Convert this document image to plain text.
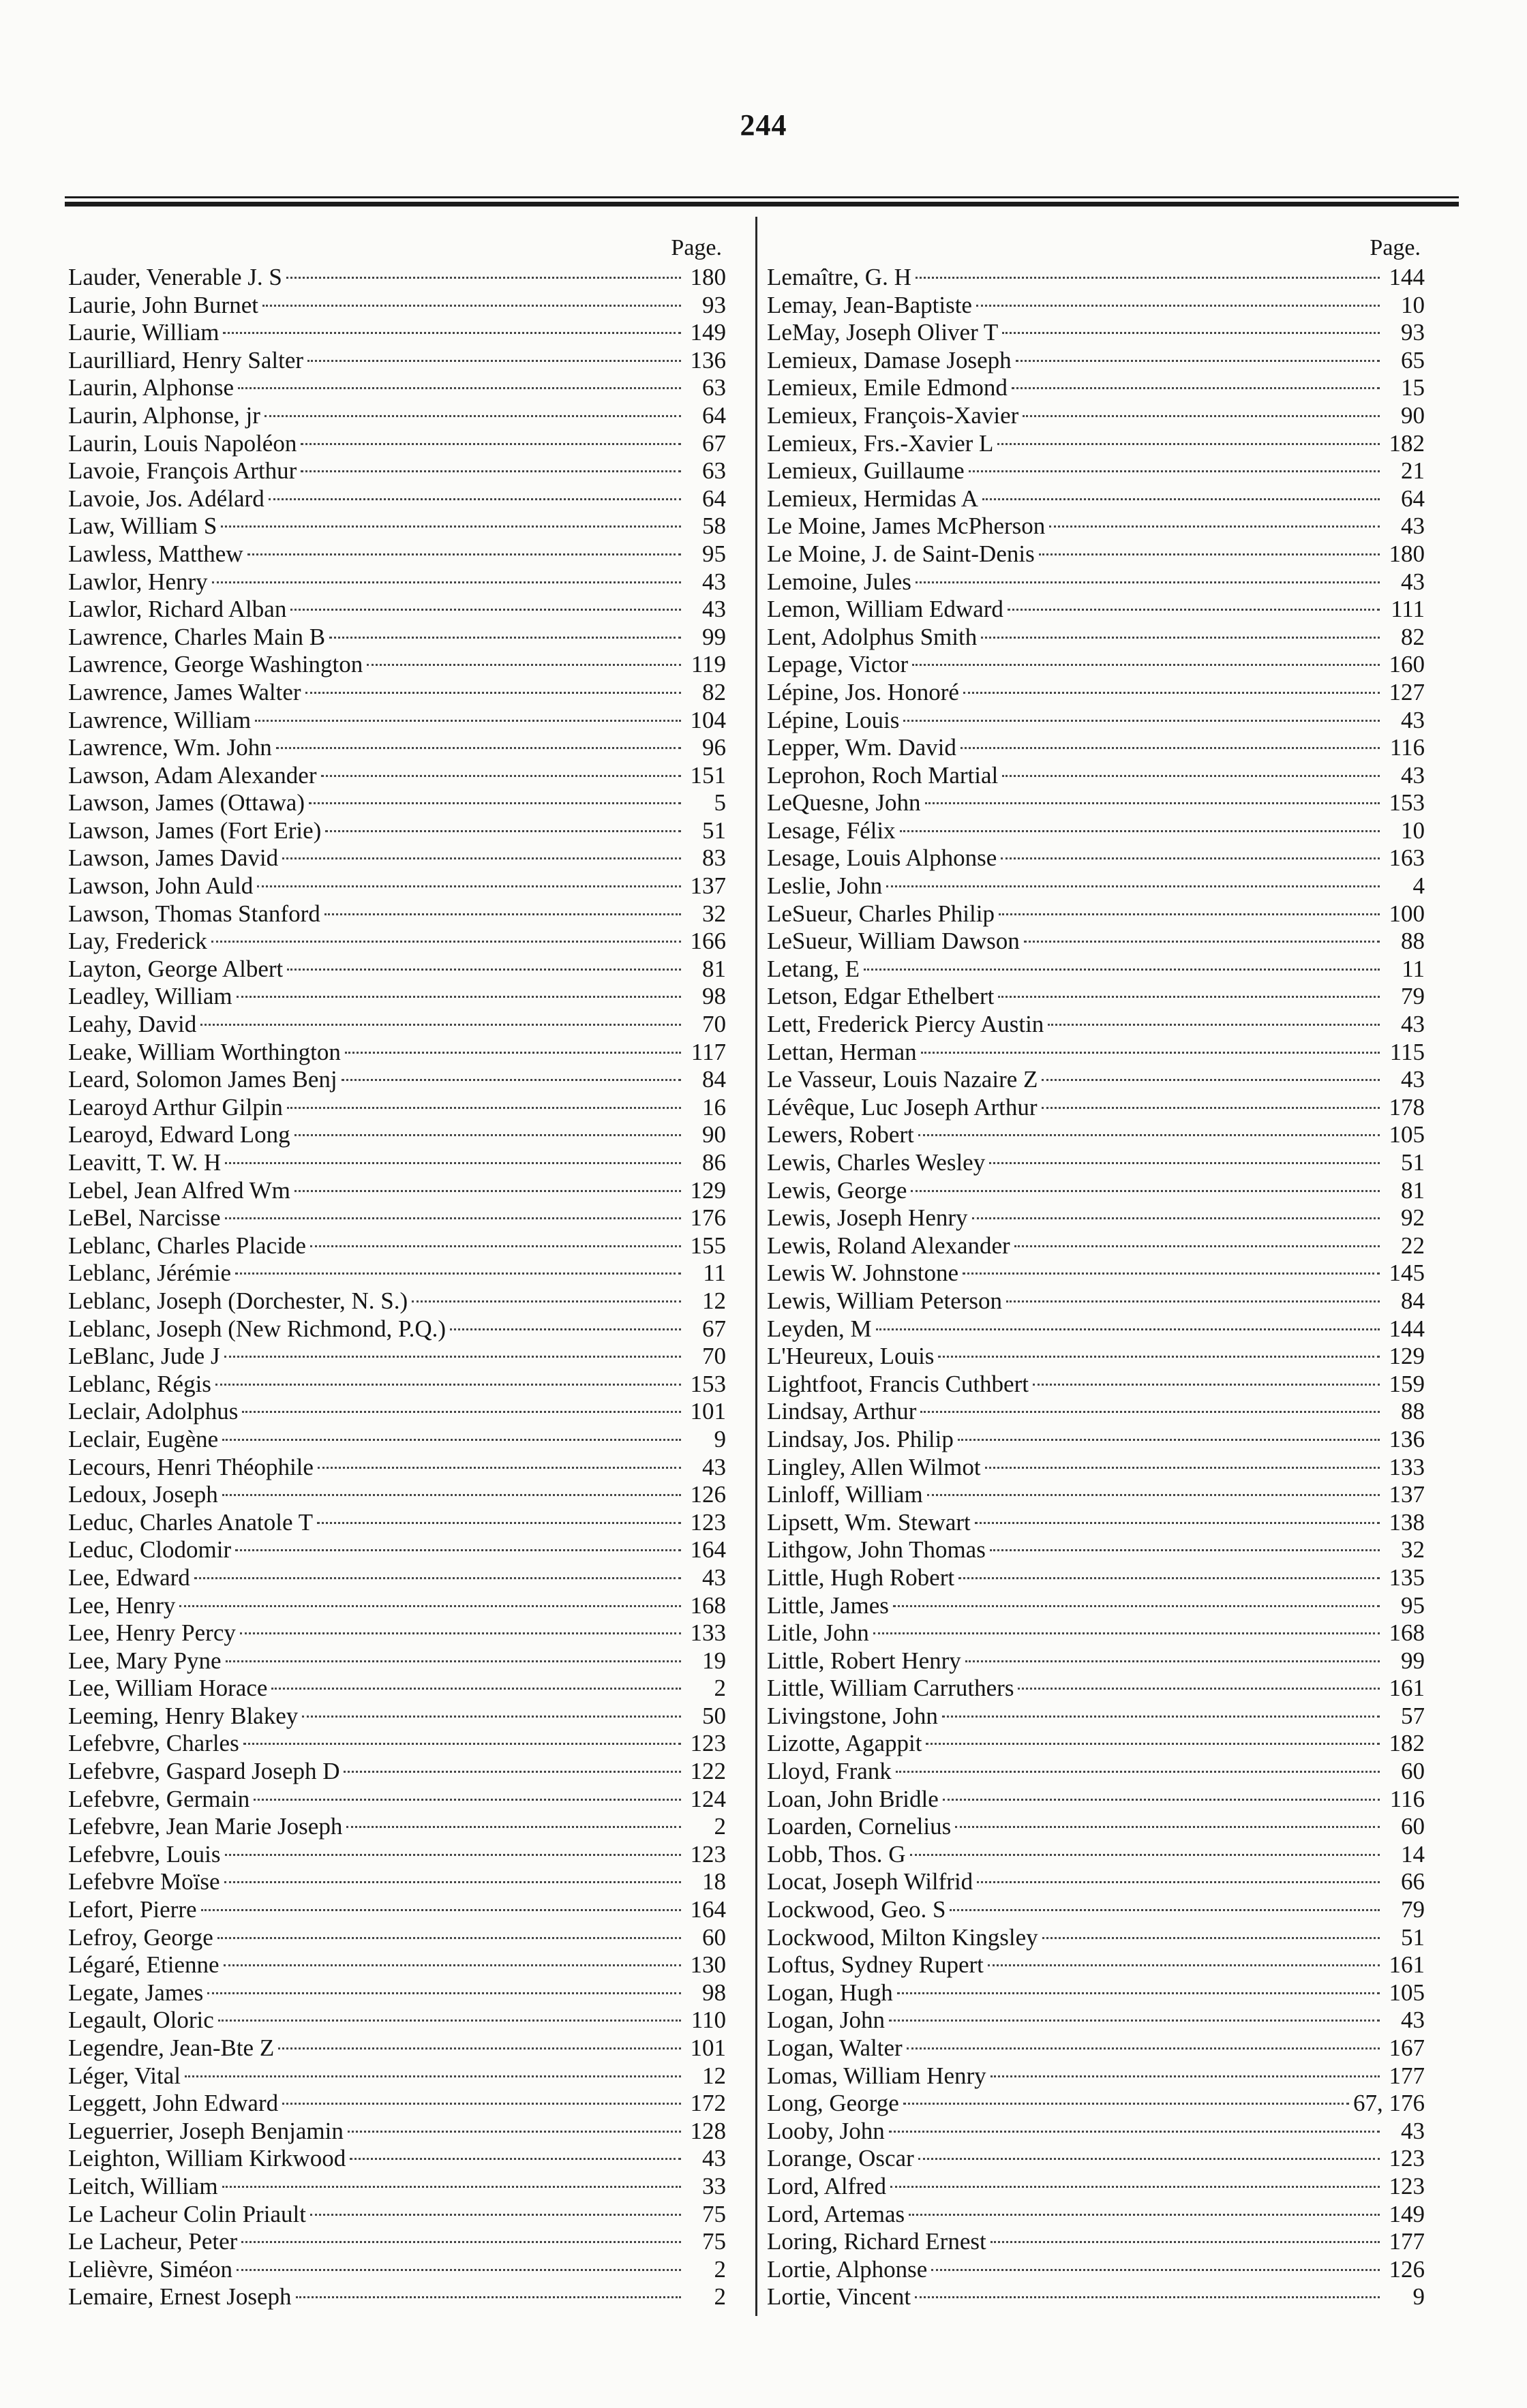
244
Page.
Lauder, Venerable J. S	180
Laurie, John Burnet	93
Laurie, William	149
Laurilliard, Henry Salter	136
Laurin, Alphonse	63
Laurin, Alphonse, jr	64
Laurin, Louis Napoléon	67
Lavoie, François Arthur	63
Lavoie, Jos. Adélard	64
Law, William S	58
Lawless, Matthew	95
Lawlor, Henry	43
Lawlor, Richard Alban	43
Lawrence, Charles Main B	99
Lawrence, George Washington	119
Lawrence, James Walter	82
Lawrence, William	104
Lawrence, Wm. John	96
Lawson, Adam Alexander	151
Lawson, James (Ottawa)	5
Lawson, James (Fort Erie)	51
Lawson, James David	83
Lawson, John Auld	137
Lawson, Thomas Stanford	32
Lay, Frederick	166
Layton, George Albert	81
Leadley, William	98
Leahy, David	70
Leake, William Worthington	117
Leard, Solomon James Benj	84
Learoyd Arthur Gilpin	16
Learoyd, Edward Long	90
Leavitt, T. W. H	86
Lebel, Jean Alfred Wm	129
LeBel, Narcisse	176
Leblanc, Charles Placide	155
Leblanc, Jérémie	11
Leblanc, Joseph (Dorchester, N. S.)	12
Leblanc, Joseph (New Richmond, P.Q.)	67
LeBlanc, Jude J	70
Leblanc, Régis	153
Leclair, Adolphus	101
Leclair, Eugène	9
Lecours, Henri Théophile	43
Ledoux, Joseph	126
Leduc, Charles Anatole T	123
Leduc, Clodomir	164
Lee, Edward	43
Lee, Henry	168
Lee, Henry Percy	133
Lee, Mary Pyne	19
Lee, William Horace	2
Leeming, Henry Blakey	50
Lefebvre, Charles	123
Lefebvre, Gaspard Joseph D	122
Lefebvre, Germain	124
Lefebvre, Jean Marie Joseph	2
Lefebvre, Louis	123
Lefebvre Moïse	18
Lefort, Pierre	164
Lefroy, George	60
Légaré, Etienne	130
Legate, James	98
Legault, Oloric	110
Legendre, Jean-Bte Z	101
Léger, Vital	12
Leggett, John Edward	172
Leguerrier, Joseph Benjamin	128
Leighton, William Kirkwood	43
Leitch, William	33
Le Lacheur Colin Priault	75
Le Lacheur, Peter	75
Lelièvre, Siméon	2
Lemaire, Ernest Joseph	2
Page.
Lemaître, G. H	144
Lemay, Jean-Baptiste	10
LeMay, Joseph Oliver T	93
Lemieux, Damase Joseph	65
Lemieux, Emile Edmond	15
Lemieux, François-Xavier	90
Lemieux, Frs.-Xavier L	182
Lemieux, Guillaume	21
Lemieux, Hermidas A	64
Le Moine, James McPherson	43
Le Moine, J. de Saint-Denis	180
Lemoine, Jules	43
Lemon, William Edward	111
Lent, Adolphus Smith	82
Lepage, Victor	160
Lépine, Jos. Honoré	127
Lépine, Louis	43
Lepper, Wm. David	116
Leprohon, Roch Martial	43
LeQuesne, John	153
Lesage, Félix	10
Lesage, Louis Alphonse	163
Leslie, John	4
LeSueur, Charles Philip	100
LeSueur, William Dawson	88
Letang, E	11
Letson, Edgar Ethelbert	79
Lett, Frederick Piercy Austin	43
Lettan, Herman	115
Le Vasseur, Louis Nazaire Z	43
Lévêque, Luc Joseph Arthur	178
Lewers, Robert	105
Lewis, Charles Wesley	51
Lewis, George	81
Lewis, Joseph Henry	92
Lewis, Roland Alexander	22
Lewis W. Johnstone	145
Lewis, William Peterson	84
Leyden, M	144
L'Heureux, Louis	129
Lightfoot, Francis Cuthbert	159
Lindsay, Arthur	88
Lindsay, Jos. Philip	136
Lingley, Allen Wilmot	133
Linloff, William	137
Lipsett, Wm. Stewart	138
Lithgow, John Thomas	32
Little, Hugh Robert	135
Little, James	95
Litle, John	168
Little, Robert Henry	99
Little, William Carruthers	161
Livingstone, John	57
Lizotte, Agappit	182
Lloyd, Frank	60
Loan, John Bridle	116
Loarden, Cornelius	60
Lobb, Thos. G	14
Locat, Joseph Wilfrid	66
Lockwood, Geo. S	79
Lockwood, Milton Kingsley	51
Loftus, Sydney Rupert	161
Logan, Hugh	105
Logan, John	43
Logan, Walter	167
Lomas, William Henry	177
Long, George	67, 176
Looby, John	43
Lorange, Oscar	123
Lord, Alfred	123
Lord, Artemas	149
Loring, Richard Ernest	177
Lortie, Alphonse	126
Lortie, Vincent	9
